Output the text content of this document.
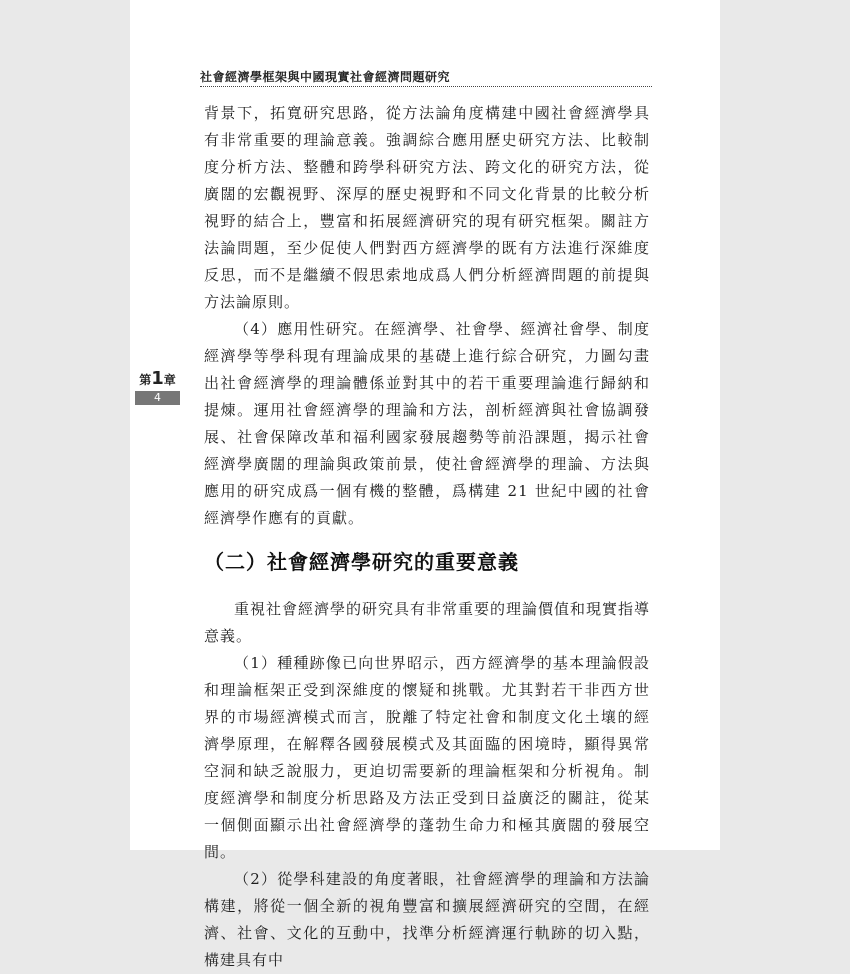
社會經濟學框架與中國現實社會經濟問題研究
第1章
4

背景下，拓寬研究思路，從方法論角度構建中國社會經濟學具有非常重要的理論意義。強調綜合應用歷史研究方法、比較制度分析方法、整體和跨學科研究方法、跨文化的研究方法，從廣闊的宏觀視野、深厚的歷史視野和不同文化背景的比較分析視野的結合上，豐富和拓展經濟研究的現有研究框架。關註方法論問題，至少促使人們對西方經濟學的既有方法進行深維度反思，而不是繼續不假思索地成爲人們分析經濟問題的前提與方法論原則。

（4）應用性研究。在經濟學、社會學、經濟社會學、制度經濟學等學科現有理論成果的基礎上進行綜合研究，力圖勾畫出社會經濟學的理論體係並對其中的若干重要理論進行歸納和提煉。運用社會經濟學的理論和方法，剖析經濟與社會協調發展、社會保障改革和福利國家發展趨勢等前沿課題，揭示社會經濟學廣闊的理論與政策前景，使社會經濟學的理論、方法與應用的研究成爲一個有機的整體，爲構建 21 世紀中國的社會經濟學作應有的貢獻。

（二）社會經濟學研究的重要意義

重視社會經濟學的研究具有非常重要的理論價值和現實指導意義。

（1）種種跡像已向世界昭示，西方經濟學的基本理論假設和理論框架正受到深維度的懷疑和挑戰。尤其對若干非西方世界的市場經濟模式而言，脫離了特定社會和制度文化土壤的經濟學原理，在解釋各國發展模式及其面臨的困境時，顯得異常空洞和缺乏說服力，更迫切需要新的理論框架和分析視角。制度經濟學和制度分析思路及方法正受到日益廣泛的關註，從某一個側面顯示出社會經濟學的蓬勃生命力和極其廣闊的發展空間。

（2）從學科建設的角度著眼，社會經濟學的理論和方法論構建，將從一個全新的視角豐富和擴展經濟研究的空間，在經濟、社會、文化的互動中，找準分析經濟運行軌跡的切入點，構建具有中
